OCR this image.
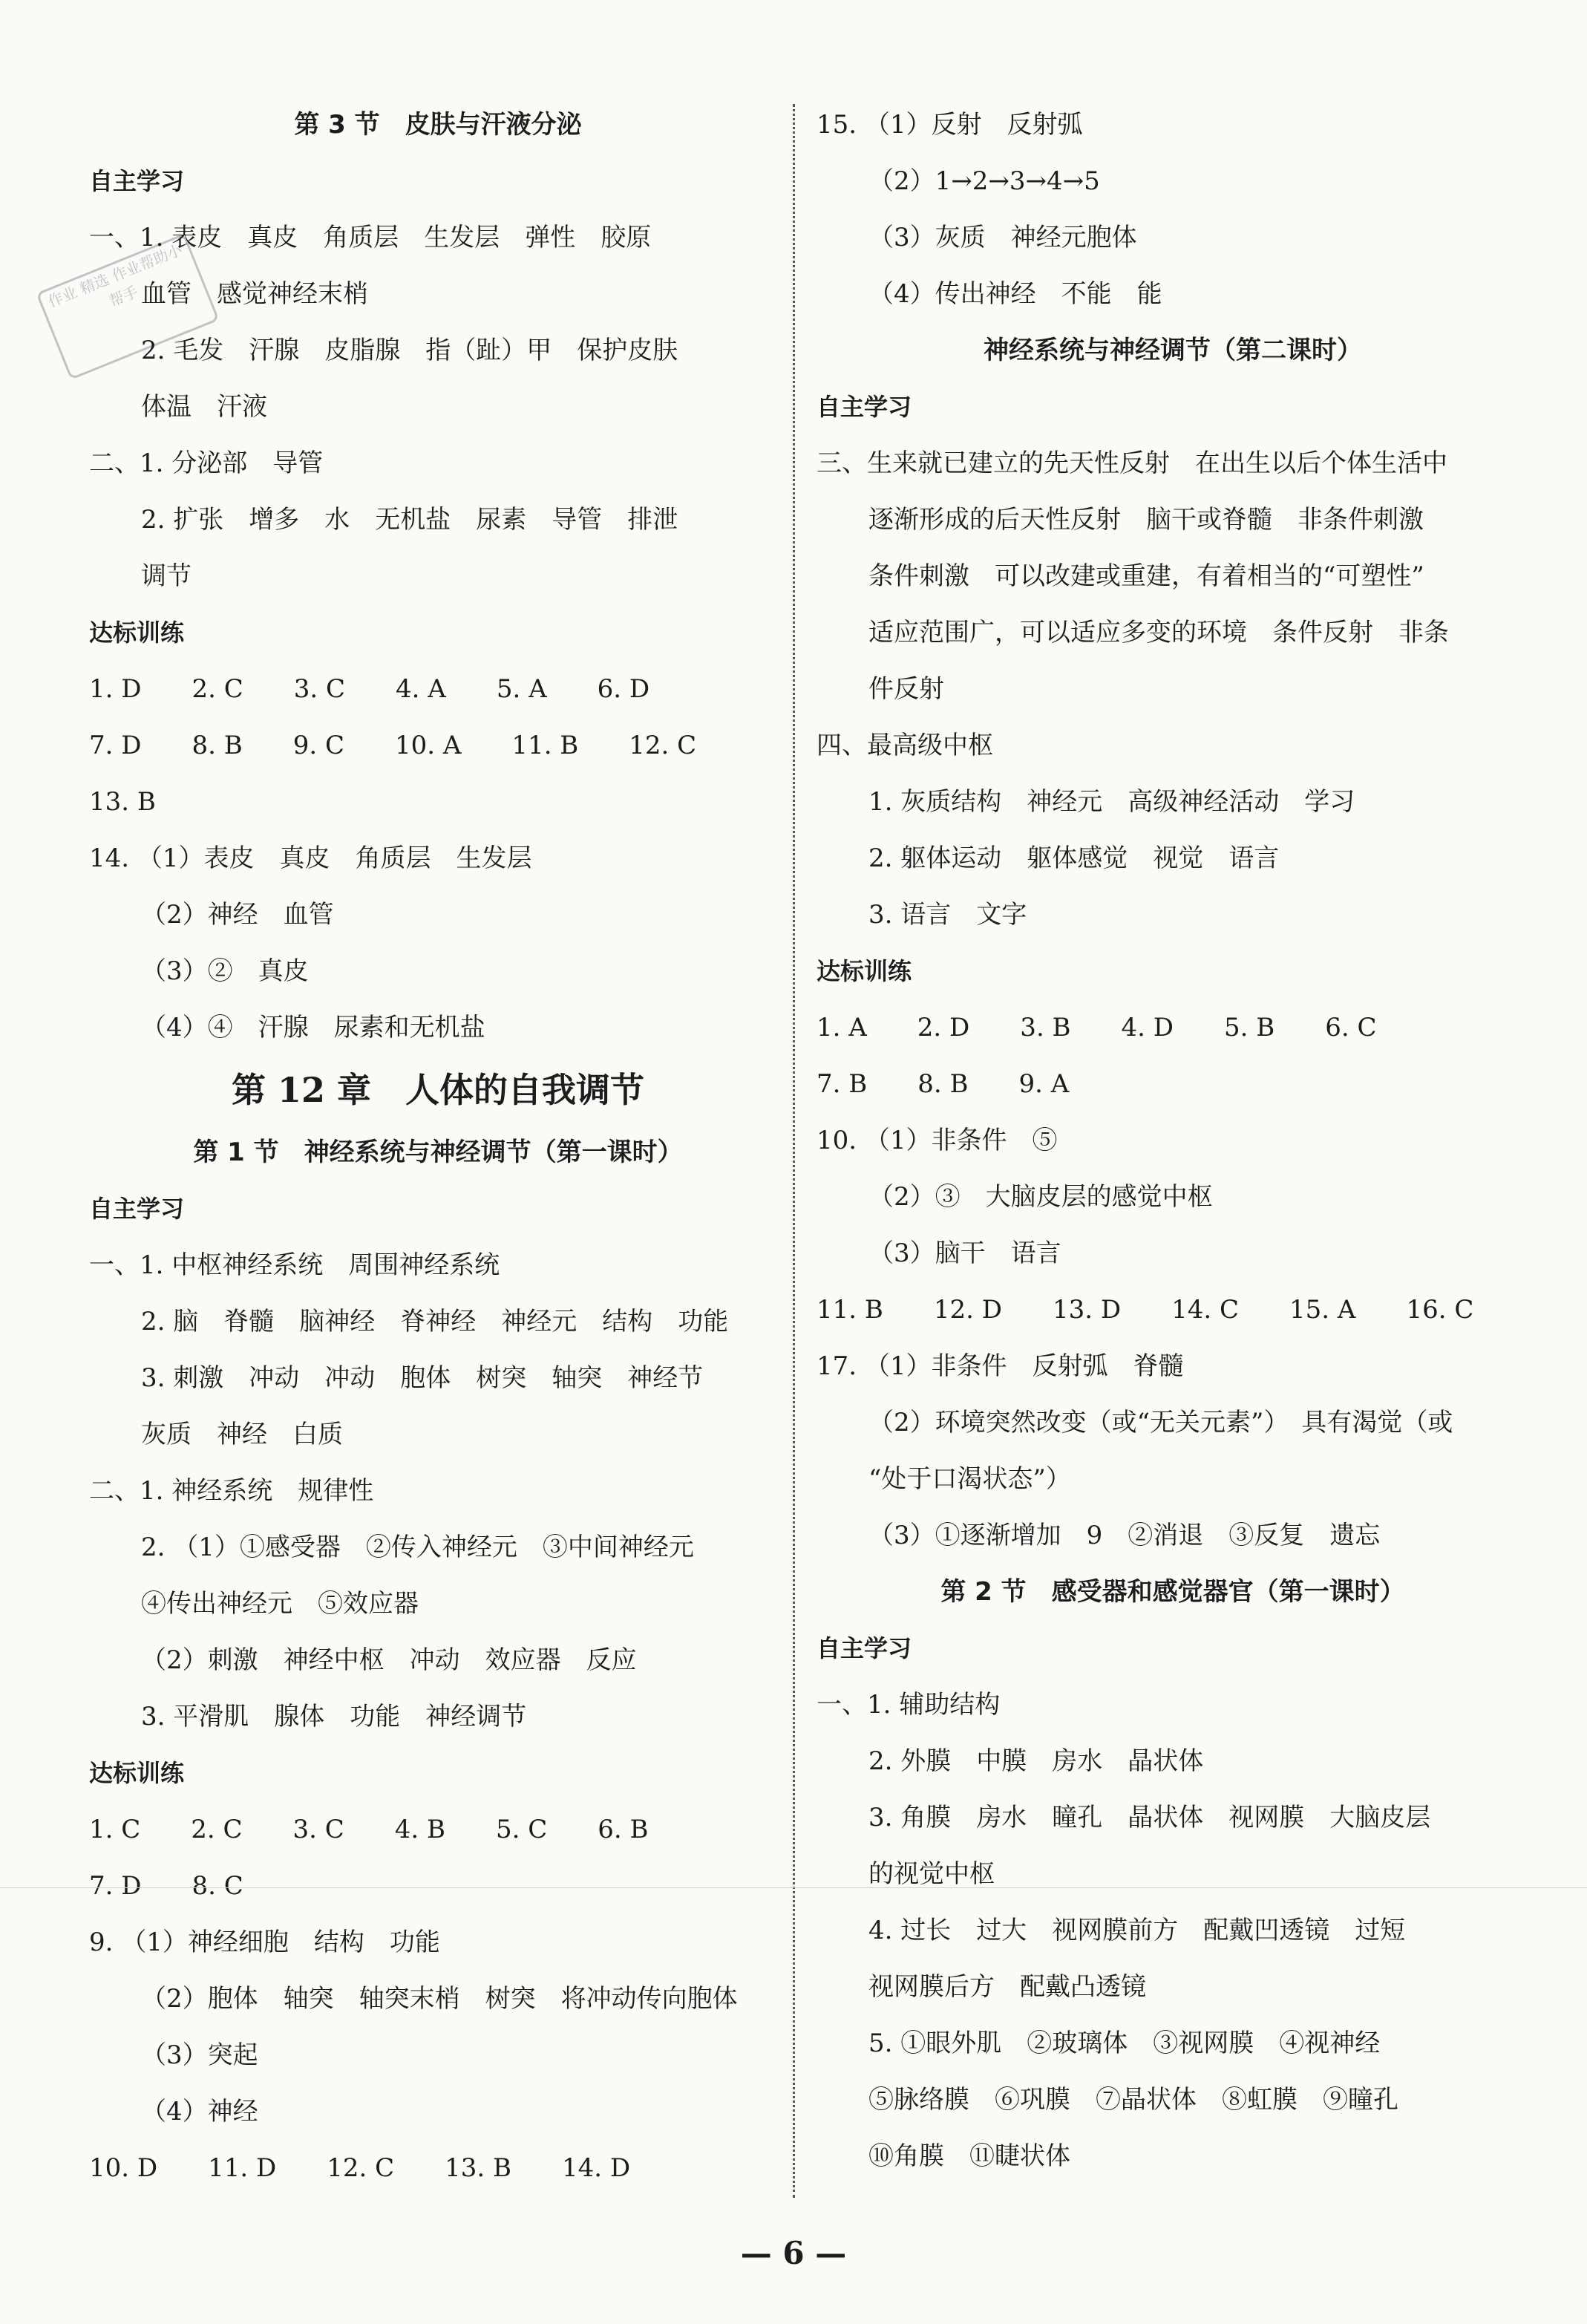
作业 精选 作业帮助小帮手
第 3 节　皮肤与汗液分泌
自主学习
一、1. 表皮　真皮　角质层　生发层　弹性　胶原
血管　感觉神经末梢
2. 毛发　汗腺　皮脂腺　指（趾）甲　保护皮肤
体温　汗液
二、1. 分泌部　导管
2. 扩张　增多　水　无机盐　尿素　导管　排泄
调节
达标训练
1. D　　2. C　　3. C　　4. A　　5. A　　6. D
7. D　　8. B　　9. C　　10. A　　11. B　　12. C
13. B
14. （1）表皮　真皮　角质层　生发层
（2）神经　血管
（3）②　真皮
（4）④　汗腺　尿素和无机盐
第 12 章　人体的自我调节
第 1 节　神经系统与神经调节（第一课时）
自主学习
一、1. 中枢神经系统　周围神经系统
2. 脑　脊髓　脑神经　脊神经　神经元　结构　功能
3. 刺激　冲动　冲动　胞体　树突　轴突　神经节
灰质　神经　白质
二、1. 神经系统　规律性
2. （1）①感受器　②传入神经元　③中间神经元
④传出神经元　⑤效应器
（2）刺激　神经中枢　冲动　效应器　反应
3. 平滑肌　腺体　功能　神经调节
达标训练
1. C　　2. C　　3. C　　4. B　　5. C　　6. B
7. D　　8. C
9. （1）神经细胞　结构　功能
（2）胞体　轴突　轴突末梢　树突　将冲动传向胞体
（3）突起
（4）神经
10. D　　11. D　　12. C　　13. B　　14. D
15. （1）反射　反射弧
（2）1→2→3→4→5
（3）灰质　神经元胞体
（4）传出神经　不能　能
神经系统与神经调节（第二课时）
自主学习
三、生来就已建立的先天性反射　在出生以后个体生活中
逐渐形成的后天性反射　脑干或脊髓　非条件刺激
条件刺激　可以改建或重建，有着相当的“可塑性”
适应范围广，可以适应多变的环境　条件反射　非条
件反射
四、最高级中枢
1. 灰质结构　神经元　高级神经活动　学习
2. 躯体运动　躯体感觉　视觉　语言
3. 语言　文字
达标训练
1. A　　2. D　　3. B　　4. D　　5. B　　6. C
7. B　　8. B　　9. A
10. （1）非条件　⑤
（2）③　大脑皮层的感觉中枢
（3）脑干　语言
11. B　　12. D　　13. D　　14. C　　15. A　　16. C
17. （1）非条件　反射弧　脊髓
（2）环境突然改变（或“无关元素”）　具有渴觉（或
“处于口渴状态”）
（3）①逐渐增加　9　②消退　③反复　遗忘
第 2 节　感受器和感觉器官（第一课时）
自主学习
一、1. 辅助结构
2. 外膜　中膜　房水　晶状体
3. 角膜　房水　瞳孔　晶状体　视网膜　大脑皮层
的视觉中枢
4. 过长　过大　视网膜前方　配戴凹透镜　过短
视网膜后方　配戴凸透镜
5. ①眼外肌　②玻璃体　③视网膜　④视神经
⑤脉络膜　⑥巩膜　⑦晶状体　⑧虹膜　⑨瞳孔
⑩角膜　⑪睫状体
— 6 —
